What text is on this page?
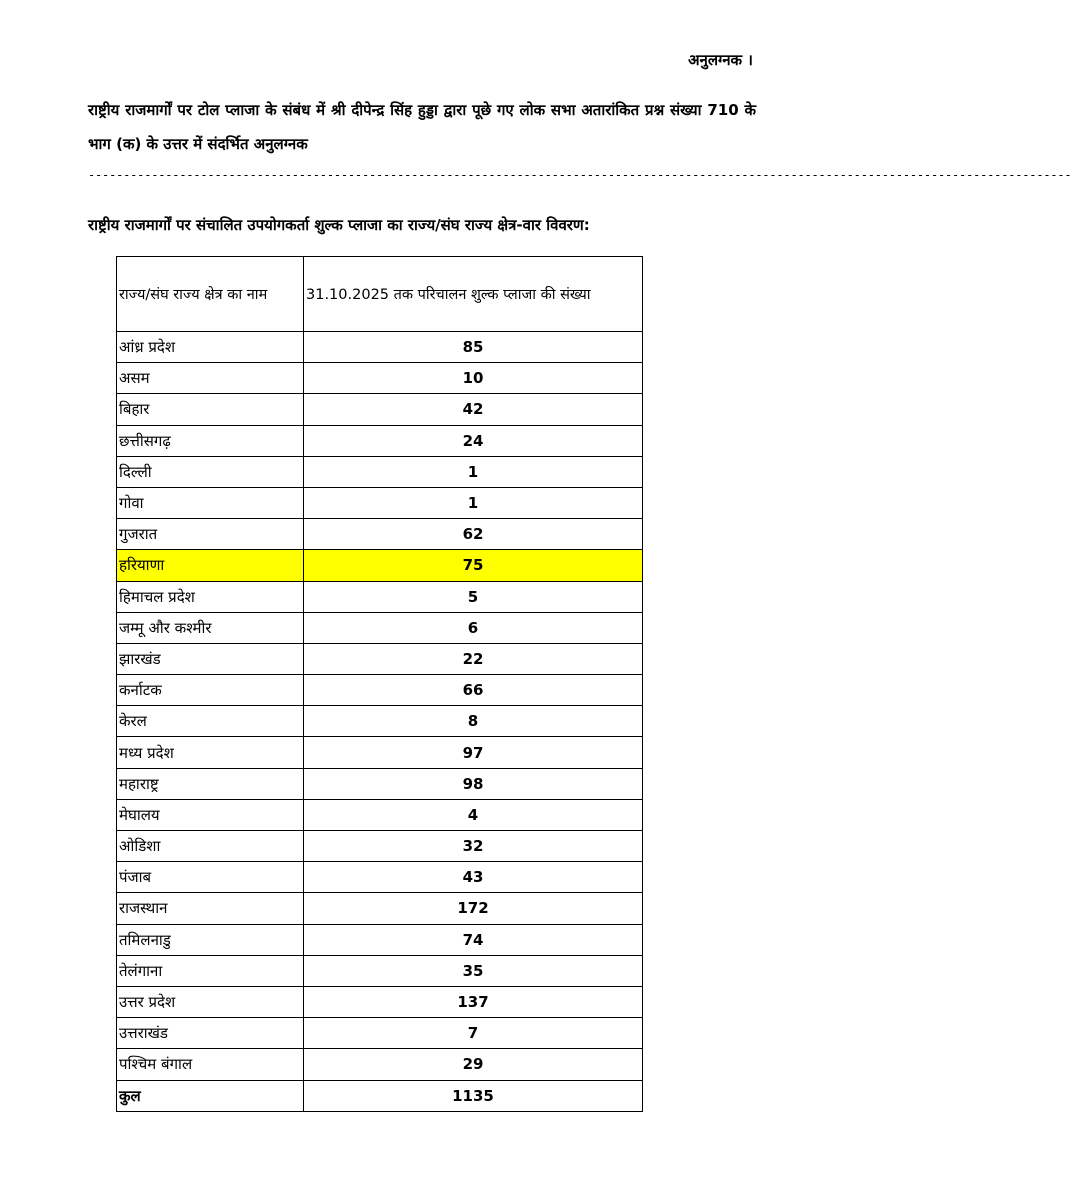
अनुलग्नक ।
राष्ट्रीय राजमार्गों पर टोल प्लाजा के संबंध में श्री दीपेन्द्र सिंह हुड्डा द्वारा पूछे गए लोक सभा अतारांकित प्रश्न संख्या 710 के भाग (क) के उत्तर में संदर्भित अनुलग्नक
--------------------------------------------------------------------------------------------------------------------------------------------
राष्ट्रीय राजमार्गों पर संचालित उपयोगकर्ता शुल्क प्लाजा का राज्य/संघ राज्य क्षेत्र-वार विवरण:
राज्य/संघ राज्य क्षेत्र का नाम	31.10.2025 तक परिचालन शुल्क प्लाजा की संख्या
आंध्र प्रदेश	85
असम	10
बिहार	42
छत्तीसगढ़	24
दिल्ली	1
गोवा	1
गुजरात	62
हरियाणा	75
हिमाचल प्रदेश	5
जम्मू और कश्मीर	6
झारखंड	22
कर्नाटक	66
केरल	8
मध्य प्रदेश	97
महाराष्ट्र	98
मेघालय	4
ओडिशा	32
पंजाब	43
राजस्थान	172
तमिलनाडु	74
तेलंगाना	35
उत्तर प्रदेश	137
उत्तराखंड	7
पश्चिम बंगाल	29
कुल	1135
